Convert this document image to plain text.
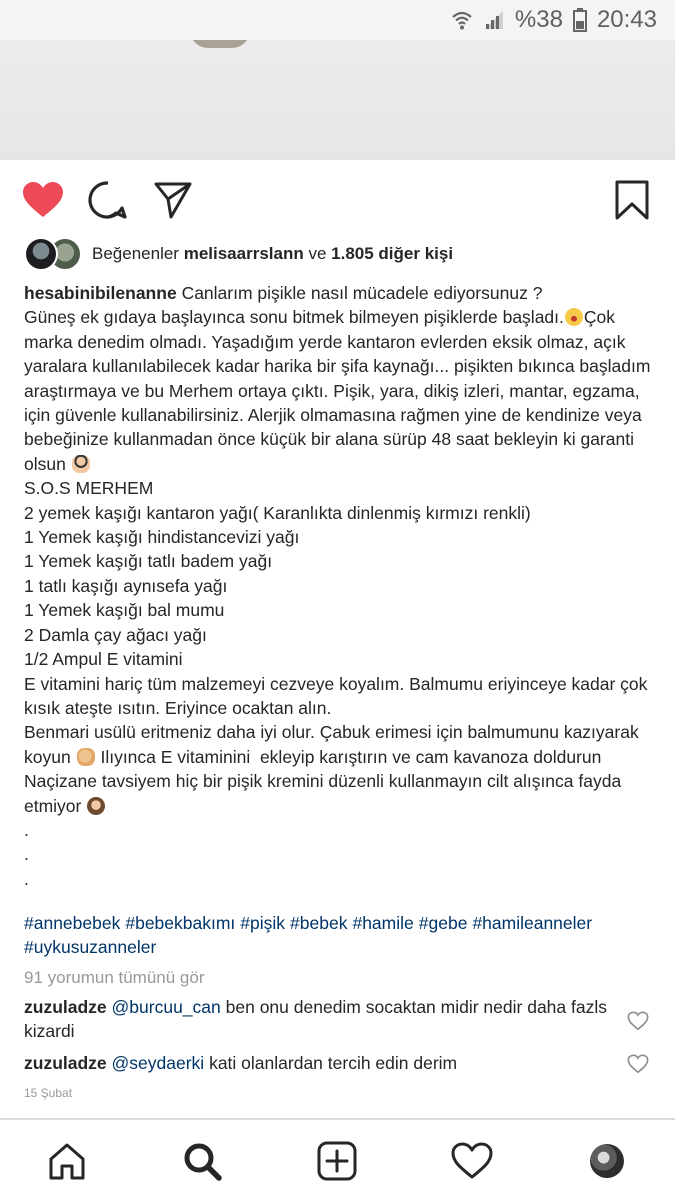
%38 20:43
Beğenenler
melisaarrslann
ve
1.805 diğer kişi
hesabinibilenanne Canlarım pişikle nasıl mücadele ediyorsunuz ?
Güneş ek gıdaya başlayınca sonu bitmek bilmeyen pişiklerde başladı. Çok marka denedim olmadı. Yaşadığım yerde kantaron evlerden eksik olmaz, açık yaralara kullanılabilecek kadar harika bir şifa kaynağı... pişikten bıkınca başladım araştırmaya ve bu Merhem ortaya çıktı. Pişik, yara, dikiş izleri, mantar, egzama, için güvenle kullanabilirsiniz. Alerjik olmamasına rağmen yine de kendinize veya bebeğinize kullanmadan önce küçük bir alana sürüp 48 saat bekleyin ki garanti olsun
S.O.S MERHEM
2 yemek kaşığı kantaron yağı( Karanlıkta dinlenmiş kırmızı renkli)
1 Yemek kaşığı hindistancevizi yağı
1 Yemek kaşığı tatlı badem yağı
1 tatlı kaşığı aynısefa yağı
1 Yemek kaşığı bal mumu
2 Damla çay ağacı yağı
1/2 Ampul E vitamini
E vitamini hariç tüm malzemeyi cezveye koyalım. Balmumu eriyinceye kadar çok kısık ateşte ısıtın. Eriyince ocaktan alın.
Benmari usülü eritmeniz daha iyi olur. Çabuk erimesi için balmumunu kazıyarak koyun Ilıyınca E vitaminini  ekleyip karıştırın ve cam kavanoza doldurun
Naçizane tavsiyem hiç bir pişik kremini düzenli kullanmayın cilt alışınca fayda etmiyor
.
.
.
#annebebek #bebekbakımı #pişik #bebek #hamile #gebe #hamileanneler
#uykusuzanneler
91 yorumun tümünü gör
zuzuladze @burcuu_can ben onu denedim socaktan midir nedir daha fazls kizardi
zuzuladze @seydaerki kati olanlardan tercih edin derim
15 Şubat
